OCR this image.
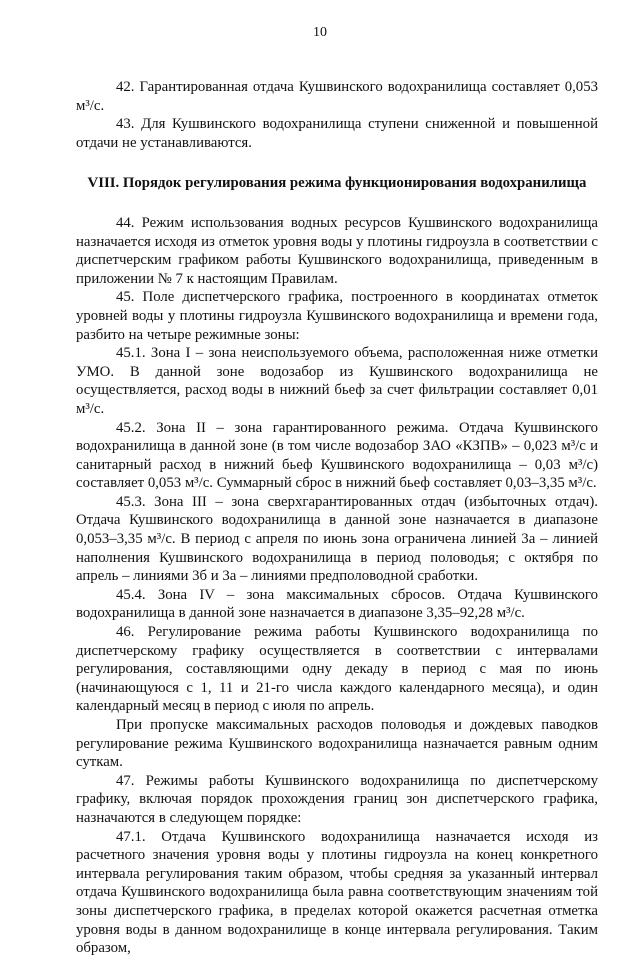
10

42. Гарантированная отдача Кушвинского водохранилища составляет 0,053 м³/с.

43. Для Кушвинского водохранилища ступени сниженной и повышенной отдачи не устанавливаются.

VIII. Порядок регулирования режима функционирования водохранилища

44. Режим использования водных ресурсов Кушвинского водохранилища назначается исходя из отметок уровня воды у плотины гидроузла в соответствии с диспетчерским графиком работы Кушвинского водохранилища, приведенным в приложении № 7 к настоящим Правилам.

45. Поле диспетчерского графика, построенного в координатах отметок уровней воды у плотины гидроузла Кушвинского водохранилища и времени года, разбито на четыре режимные зоны:

45.1. Зона I – зона неиспользуемого объема, расположенная ниже отметки УМО. В данной зоне водозабор из Кушвинского водохранилища не осуществляется, расход воды в нижний бьеф за счет фильтрации составляет 0,01 м³/с.

45.2. Зона II – зона гарантированного режима. Отдача Кушвинского водохранилища в данной зоне (в том числе водозабор ЗАО «КЗПВ» – 0,023 м³/с и санитарный расход в нижний бьеф Кушвинского водохранилища – 0,03 м³/с) составляет 0,053 м³/с. Суммарный сброс в нижний бьеф составляет 0,03–3,35 м³/с.

45.3. Зона III – зона сверхгарантированных отдач (избыточных отдач). Отдача Кушвинского водохранилища в данной зоне назначается в диапазоне 0,053–3,35 м³/с. В период с апреля по июнь зона ограничена линией 3а – линией наполнения Кушвинского водохранилища в период половодья; с октября по апрель – линиями 3б и 3а – линиями предполоводной сработки.

45.4. Зона IV – зона максимальных сбросов. Отдача Кушвинского водохранилища в данной зоне назначается в диапазоне 3,35–92,28 м³/с.

46. Регулирование режима работы Кушвинского водохранилища по диспетчерскому графику осуществляется в соответствии с интервалами регулирования, составляющими одну декаду в период с мая по июнь (начинающуюся с 1, 11 и 21-го числа каждого календарного месяца), и один календарный месяц в период с июля по апрель.

При пропуске максимальных расходов половодья и дождевых паводков регулирование режима Кушвинского водохранилища назначается равным одним суткам.

47. Режимы работы Кушвинского водохранилища по диспетчерскому графику, включая порядок прохождения границ зон диспетчерского графика, назначаются в следующем порядке:

47.1. Отдача Кушвинского водохранилища назначается исходя из расчетного значения уровня воды у плотины гидроузла на конец конкретного интервала регулирования таким образом, чтобы средняя за указанный интервал отдача Кушвинского водохранилища была равна соответствующим значениям той зоны диспетчерского графика, в пределах которой окажется расчетная отметка уровня воды в данном водохранилище в конце интервала регулирования. Таким образом,
